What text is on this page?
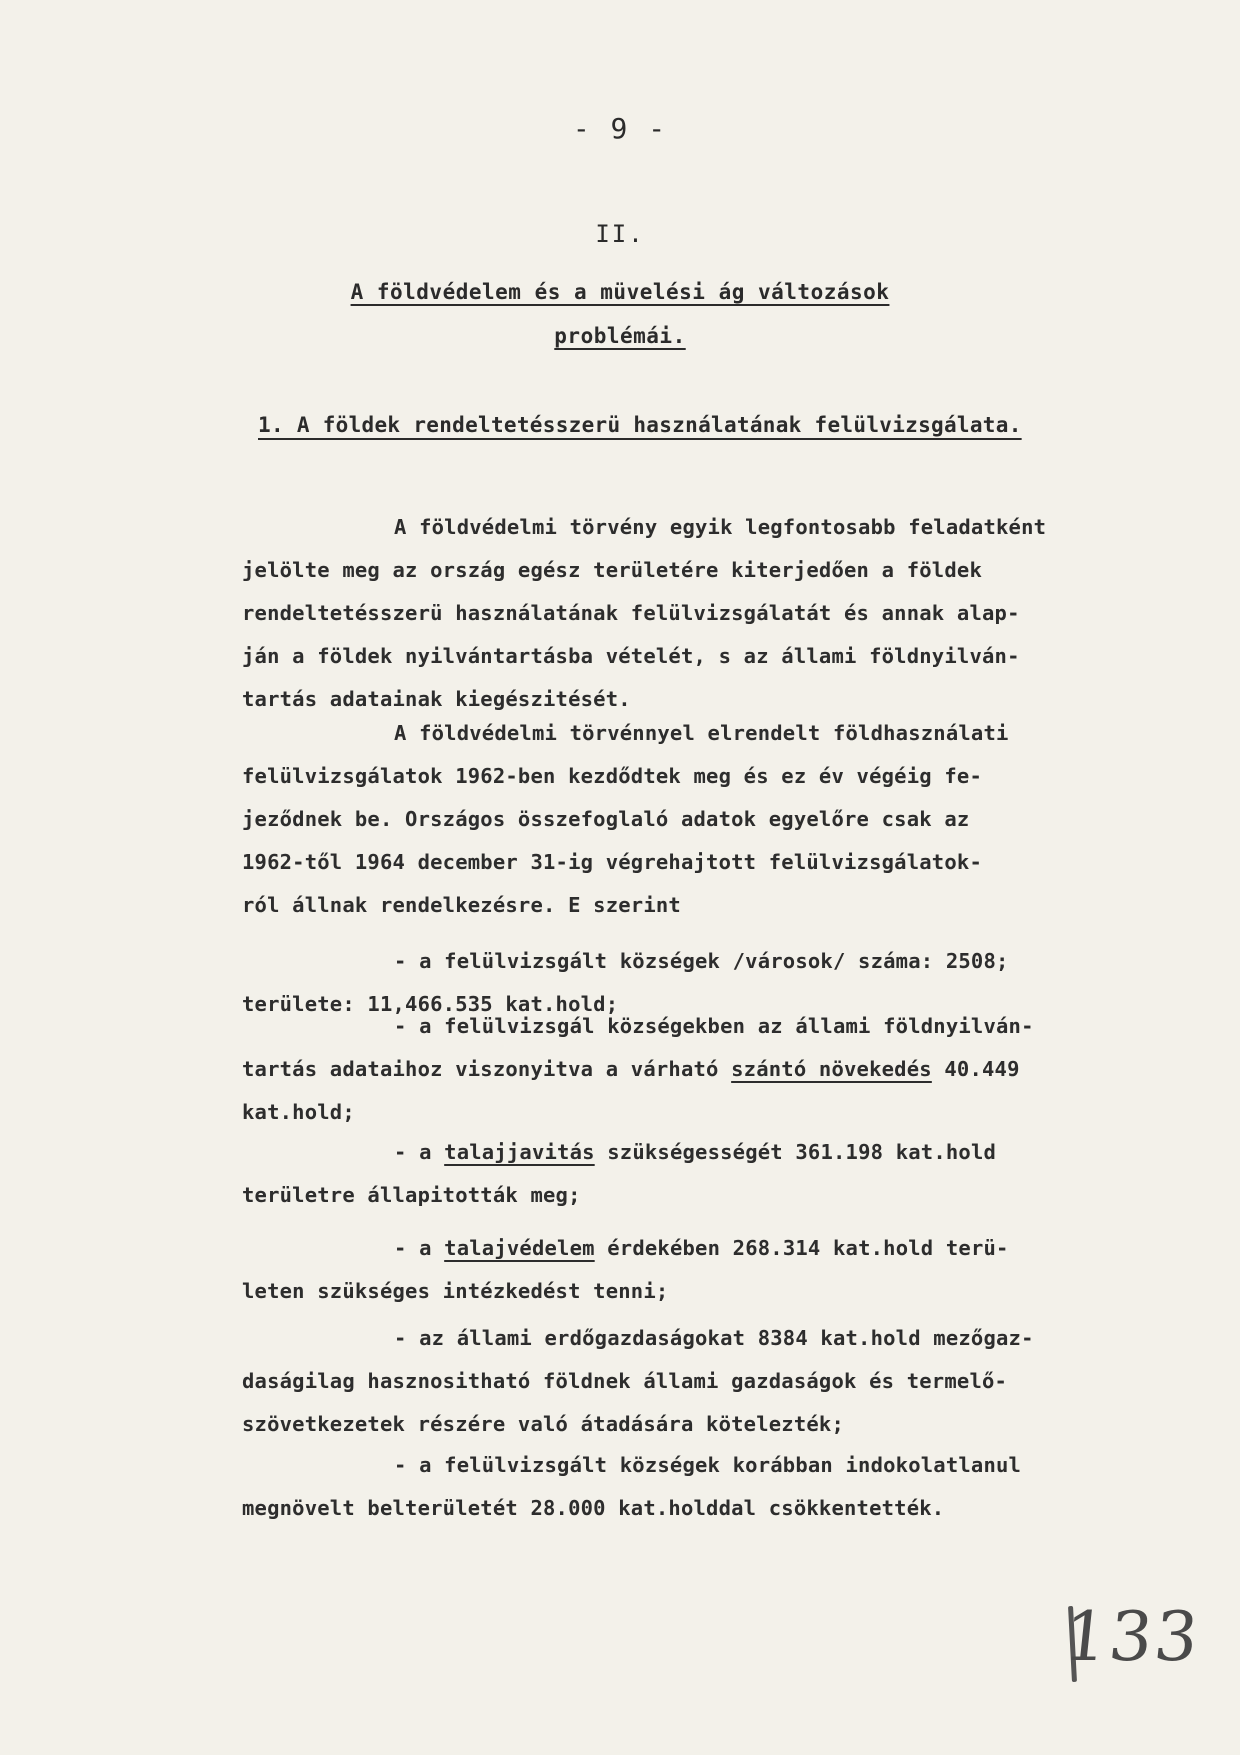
- 9 -
II.
A földvédelem és a müvelési ág változások
problémái.
1. A földek rendeltetésszerü használatának felülvizsgálata.
A földvédelmi törvény egyik legfontosabb feladatként
jelölte meg az ország egész területére kiterjedően a földek
rendeltetésszerü használatának felülvizsgálatát és annak alap-
ján a földek nyilvántartásba vételét, s az állami földnyilván-
tartás adatainak kiegészitését.
A földvédelmi törvénnyel elrendelt földhasználati
felülvizsgálatok 1962-ben kezdődtek meg és ez év végéig fe-
jeződnek be. Országos összefoglaló adatok egyelőre csak az
1962-től 1964 december 31-ig végrehajtott felülvizsgálatok-
ról állnak rendelkezésre. E szerint
- a felülvizsgált községek /városok/ száma: 2508;
területe: 11,466.535 kat.hold;
- a felülvizsgál községekben az állami földnyilván-
tartás adataihoz viszonyitva a várható szántó növekedés 40.449
kat.hold;
- a talajjavitás szükségességét 361.198 kat.hold
területre állapitották meg;
- a talajvédelem érdekében 268.314 kat.hold terü-
leten szükséges intézkedést tenni;
- az állami erdőgazdaságokat 8384 kat.hold mezőgaz-
daságilag hasznositható földnek állami gazdaságok és termelő-
szövetkezetek részére való átadására kötelezték;
- a felülvizsgált községek korábban indokolatlanul
megnövelt belterületét 28.000 kat.holddal csökkentették.
133
